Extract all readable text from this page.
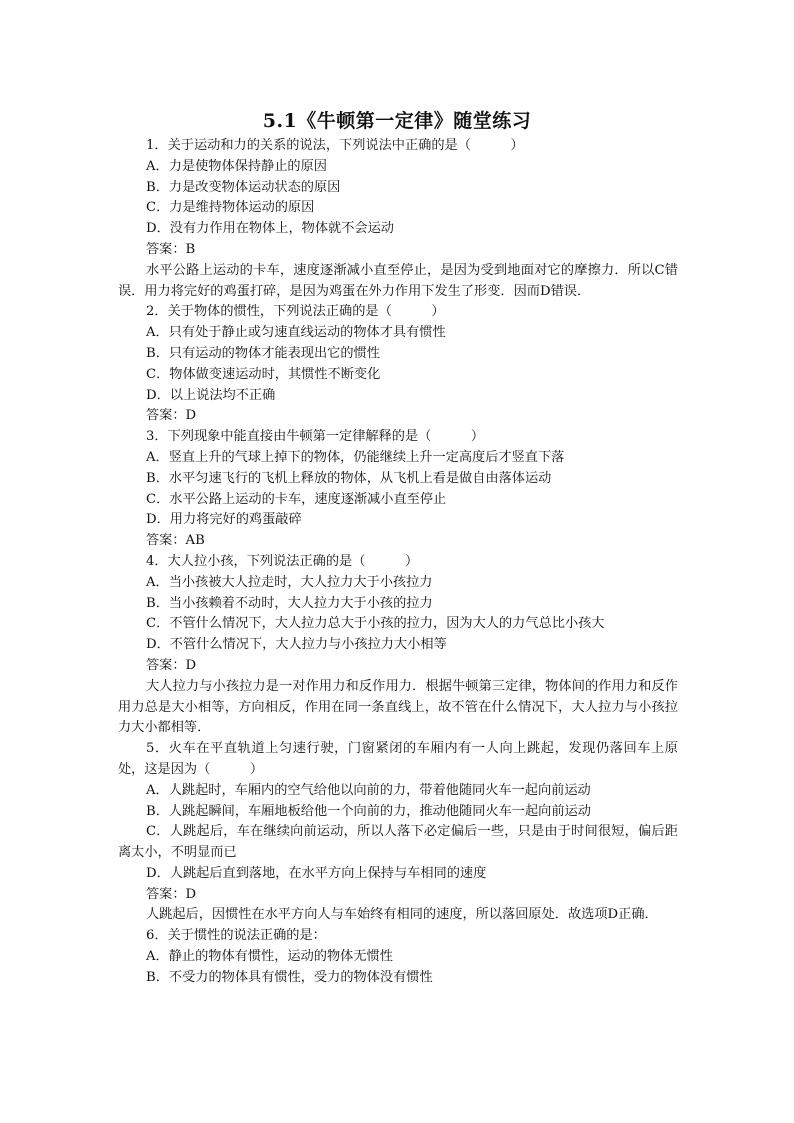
5.1《牛顿第一定律》随堂练习

1．关于运动和力的关系的说法，下列说法中正确的是（　　　）

A．力是使物体保持静止的原因

B．力是改变物体运动状态的原因

C．力是维持物体运动的原因

D．没有力作用在物体上，物体就不会运动

答案：B

水平公路上运动的卡车，速度逐渐减小直至停止，是因为受到地面对它的摩擦力．所以C错误．用力将完好的鸡蛋打碎，是因为鸡蛋在外力作用下发生了形变．因而D错误．

2．关于物体的惯性，下列说法正确的是（　　　）

A．只有处于静止或匀速直线运动的物体才具有惯性

B．只有运动的物体才能表现出它的惯性

C．物体做变速运动时，其惯性不断变化

D．以上说法均不正确

答案：D

3．下列现象中能直接由牛顿第一定律解释的是（　　　）

A．竖直上升的气球上掉下的物体，仍能继续上升一定高度后才竖直下落

B．水平匀速飞行的飞机上释放的物体，从飞机上看是做自由落体运动

C．水平公路上运动的卡车，速度逐渐减小直至停止

D．用力将完好的鸡蛋敲碎

答案：AB

4．大人拉小孩，下列说法正确的是（　　　）

A．当小孩被大人拉走时，大人拉力大于小孩拉力

B．当小孩赖着不动时，大人拉力大于小孩的拉力

C．不管什么情况下，大人拉力总大于小孩的拉力，因为大人的力气总比小孩大

D．不管什么情况下，大人拉力与小孩拉力大小相等

答案：D

大人拉力与小孩拉力是一对作用力和反作用力．根据牛顿第三定律，物体间的作用力和反作用力总是大小相等，方向相反，作用在同一条直线上，故不管在什么情况下，大人拉力与小孩拉力大小都相等．

5．火车在平直轨道上匀速行驶，门窗紧闭的车厢内有一人向上跳起，发现仍落回车上原处，这是因为（　　　）

A．人跳起时，车厢内的空气给他以向前的力，带着他随同火车一起向前运动

B．人跳起瞬间，车厢地板给他一个向前的力，推动他随同火车一起向前运动

C．人跳起后，车在继续向前运动，所以人落下必定偏后一些，只是由于时间很短，偏后距离太小，不明显而已

D．人跳起后直到落地，在水平方向上保持与车相同的速度

答案：D

人跳起后，因惯性在水平方向人与车始终有相同的速度，所以落回原处．故选项D正确．

6．关于惯性的说法正确的是：

A．静止的物体有惯性，运动的物体无惯性

B．不受力的物体具有惯性，受力的物体没有惯性
